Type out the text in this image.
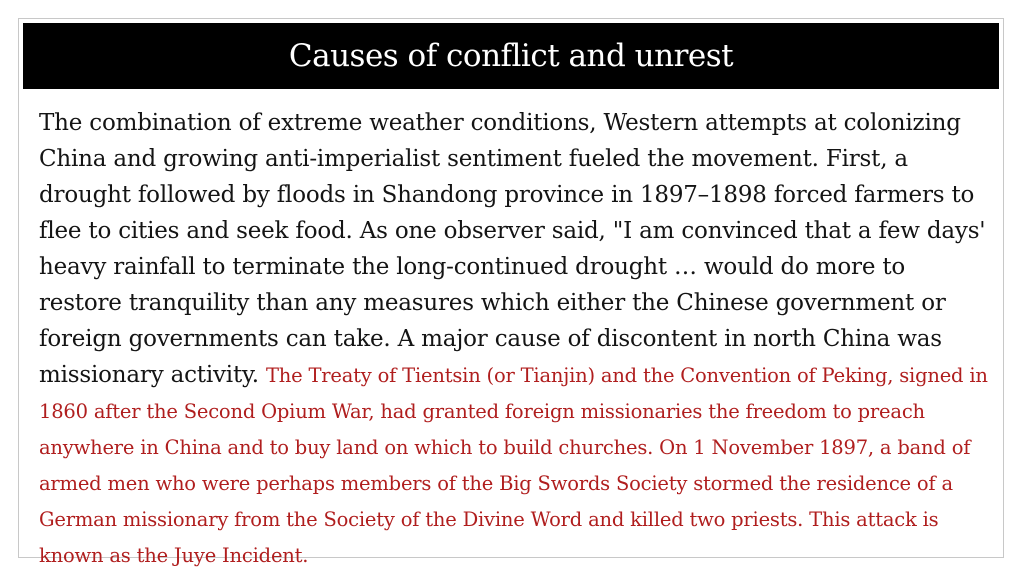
Causes of conflict and unrest

The combination of extreme weather conditions, Western attempts at colonizing China and growing anti-imperialist sentiment fueled the movement. First, a drought followed by floods in Shandong province in 1897–1898 forced farmers to flee to cities and seek food. As one observer said, "I am convinced that a few days' heavy rainfall to terminate the long-continued drought … would do more to restore tranquility than any measures which either the Chinese government or foreign governments can take. A major cause of discontent in north China was missionary activity. The Treaty of Tientsin (or Tianjin) and the Convention of Peking, signed in 1860 after the Second Opium War, had granted foreign missionaries the freedom to preach anywhere in China and to buy land on which to build churches. On 1 November 1897, a band of armed men who were perhaps members of the Big Swords Society stormed the residence of a German missionary from the Society of the Divine Word and killed two priests. This attack is known as the Juye Incident.
